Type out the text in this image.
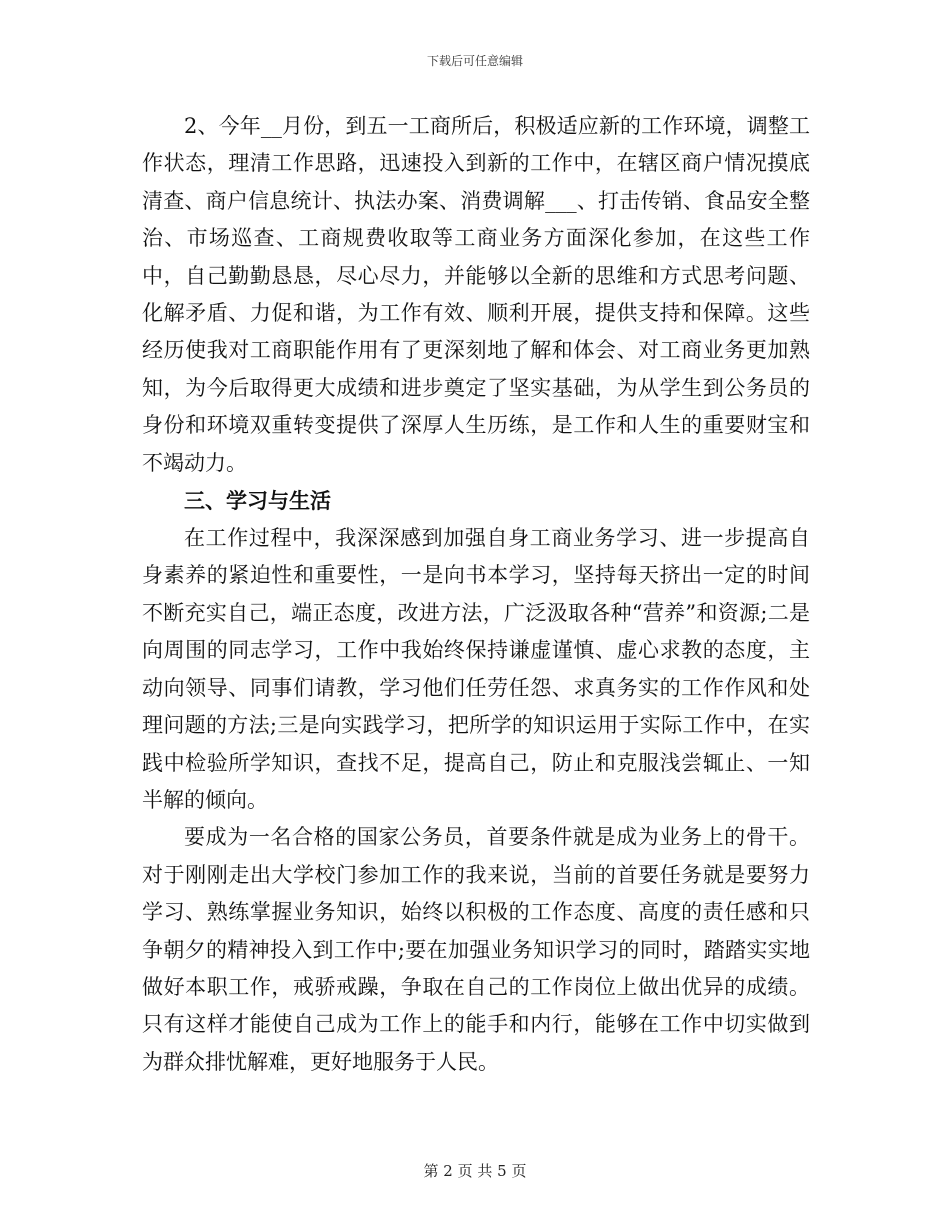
下载后可任意编辑

2、今年__月份，到五一工商所后，积极适应新的工作环境，调整工作状态，理清工作思路，迅速投入到新的工作中，在辖区商户情况摸底清查、商户信息统计、执法办案、消费调解___、打击传销、食品安全整治、市场巡查、工商规费收取等工商业务方面深化参加，在这些工作中，自己勤勤恳恳，尽心尽力，并能够以全新的思维和方式思考问题、化解矛盾、力促和谐，为工作有效、顺利开展，提供支持和保障。这些经历使我对工商职能作用有了更深刻地了解和体会、对工商业务更加熟知，为今后取得更大成绩和进步奠定了坚实基础，为从学生到公务员的身份和环境双重转变提供了深厚人生历练，是工作和人生的重要财宝和不竭动力。

三、学习与生活

在工作过程中，我深深感到加强自身工商业务学习、进一步提高自身素养的紧迫性和重要性，一是向书本学习，坚持每天挤出一定的时间不断充实自己，端正态度，改进方法，广泛汲取各种“营养”和资源;二是向周围的同志学习，工作中我始终保持谦虚谨慎、虚心求教的态度，主动向领导、同事们请教，学习他们任劳任怨、求真务实的工作作风和处理问题的方法;三是向实践学习，把所学的知识运用于实际工作中，在实践中检验所学知识，查找不足，提高自己，防止和克服浅尝辄止、一知半解的倾向。

要成为一名合格的国家公务员，首要条件就是成为业务上的骨干。对于刚刚走出大学校门参加工作的我来说，当前的首要任务就是要努力学习、熟练掌握业务知识，始终以积极的工作态度、高度的责任感和只争朝夕的精神投入到工作中;要在加强业务知识学习的同时，踏踏实实地做好本职工作，戒骄戒躁，争取在自己的工作岗位上做出优异的成绩。只有这样才能使自己成为工作上的能手和内行，能够在工作中切实做到为群众排忧解难，更好地服务于人民。

第 2 页 共 5 页
